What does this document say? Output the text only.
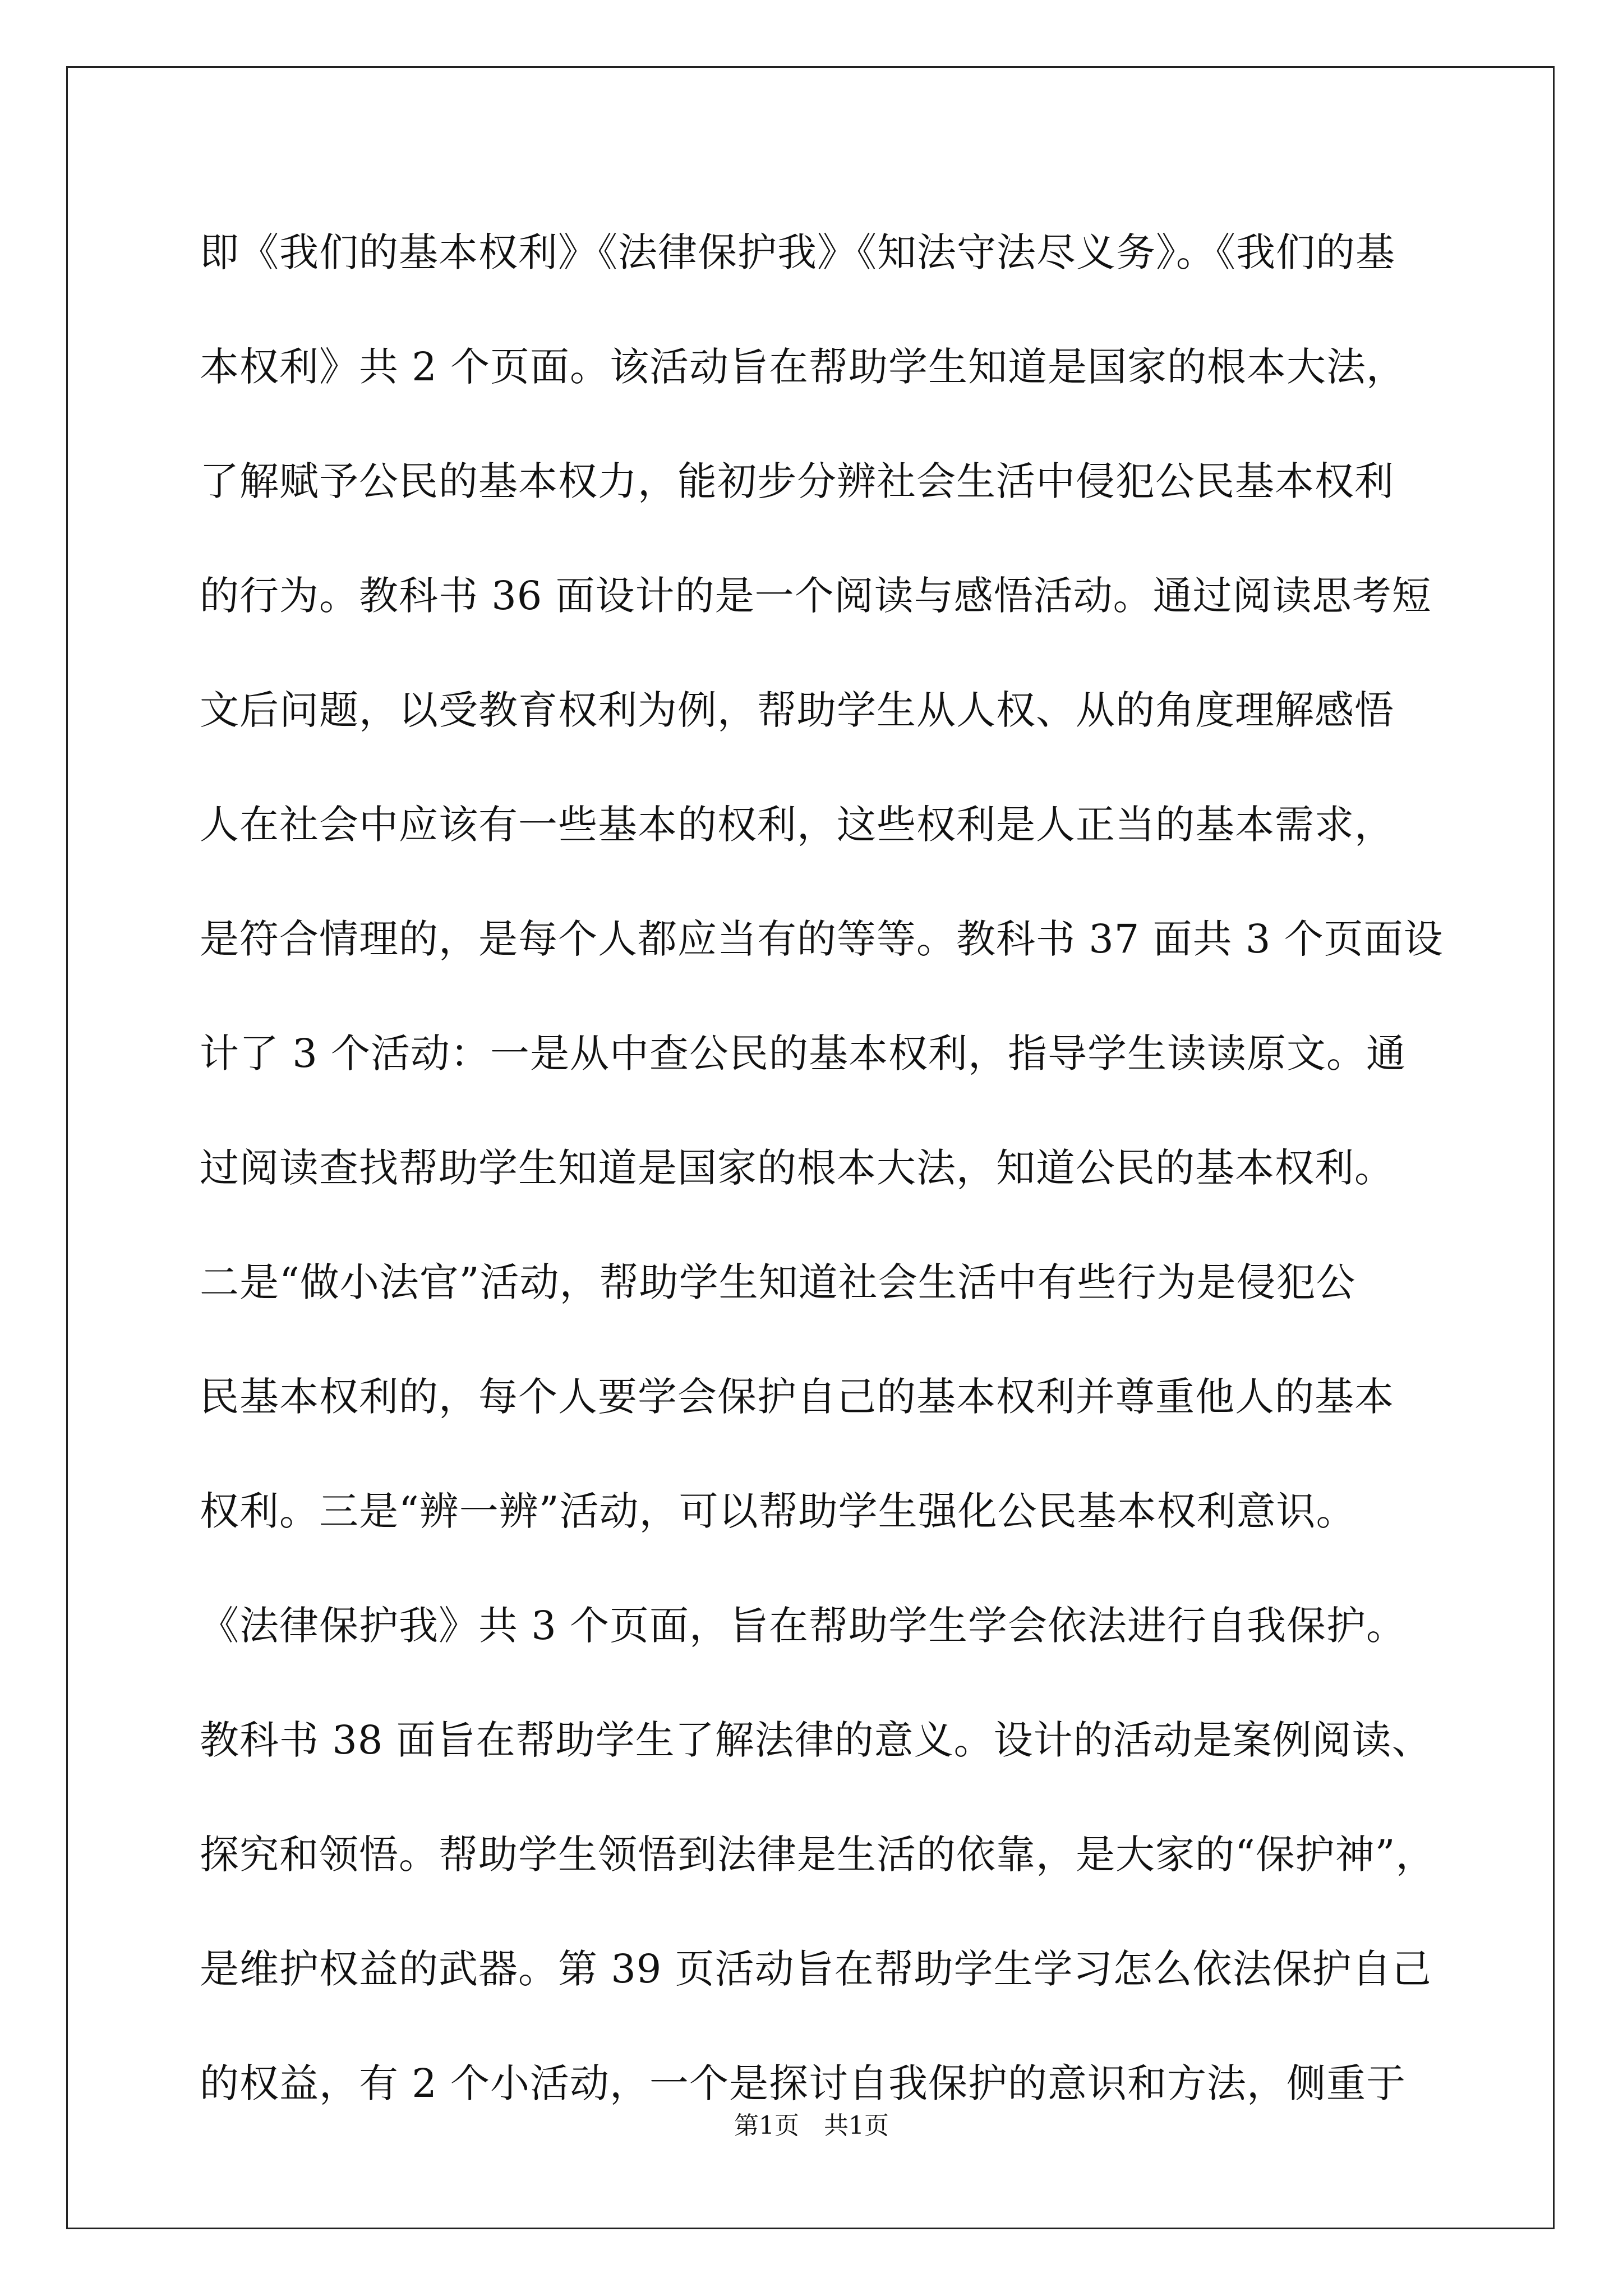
即《我们的基本权利》《法律保护我》《知法守法尽义务》。《我们的基
本权利》共 2 个页面。该活动旨在帮助学生知道是国家的根本大法，
了解赋予公民的基本权力，能初步分辨社会生活中侵犯公民基本权利
的行为。教科书 36 面设计的是一个阅读与感悟活动。通过阅读思考短
文后问题，以受教育权利为例，帮助学生从人权、从的角度理解感悟
人在社会中应该有一些基本的权利，这些权利是人正当的基本需求，
是符合情理的，是每个人都应当有的等等。教科书 37 面共 3 个页面设
计了 3 个活动：一是从中查公民的基本权利，指导学生读读原文。通
过阅读查找帮助学生知道是国家的根本大法，知道公民的基本权利。
二是“做小法官”活动，帮助学生知道社会生活中有些行为是侵犯公
民基本权利的，每个人要学会保护自己的基本权利并尊重他人的基本
权利。三是“辨一辨”活动，可以帮助学生强化公民基本权利意识。
《法律保护我》共 3 个页面，旨在帮助学生学会依法进行自我保护。
教科书 38 面旨在帮助学生了解法律的意义。设计的活动是案例阅读、
探究和领悟。帮助学生领悟到法律是生活的依靠，是大家的“保护神”，
是维护权益的武器。第 39 页活动旨在帮助学生学习怎么依法保护自己
的权益，有 2 个小活动，一个是探讨自我保护的意识和方法，侧重于
第1页　共1页
